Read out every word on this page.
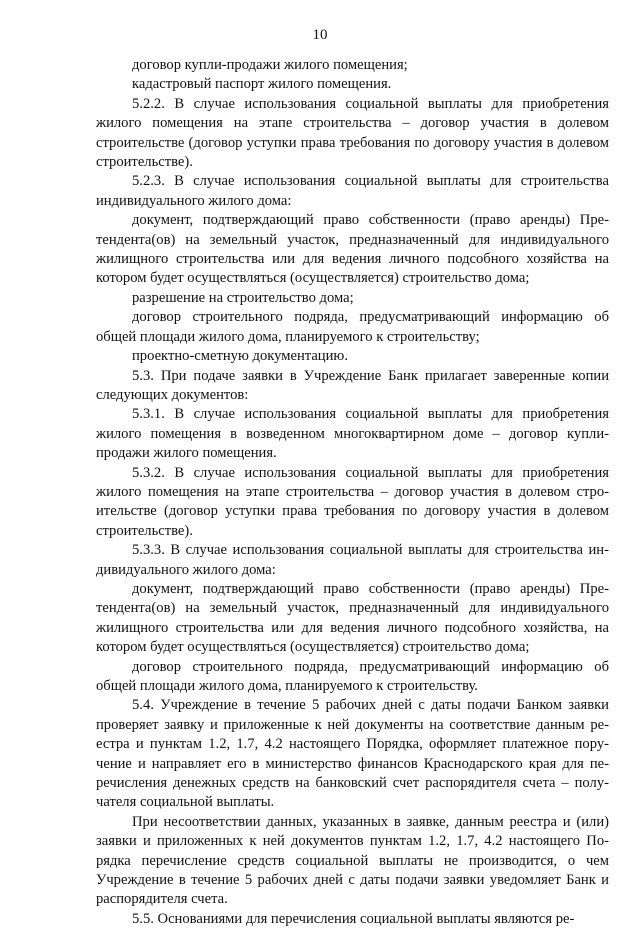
10

договор купли-продажи жилого помещения;

кадастровый паспорт жилого помещения.

5.2.2. В случае использования социальной выплаты для приобретения жилого помещения на этапе строительства – договор участия в долевом строительстве (договор уступки права требования по договору участия в долевом строительстве).

5.2.3. В случае использования социальной выплаты для строительства индивидуального жилого дома:

документ, подтверждающий право собственности (право аренды) Претендента(ов) на земельный участок, предназначенный для индивидуального жилищного строительства или для ведения личного подсобного хозяйства на котором будет осуществляться (осуществляется) строительство дома;

разрешение на строительство дома;

договор строительного подряда, предусматривающий информацию об общей площади жилого дома, планируемого к строительству;

проектно-сметную документацию.

5.3. При подаче заявки в Учреждение Банк прилагает заверенные копии следующих документов:

5.3.1. В случае использования социальной выплаты для приобретения жилого помещения в возведенном многоквартирном доме – договор купли-продажи жилого помещения.

5.3.2. В случае использования социальной выплаты для приобретения жилого помещения на этапе строительства – договор участия в долевом строительстве (договор уступки права требования по договору участия в долевом строительстве).

5.3.3. В случае использования социальной выплаты для строительства индивидуального жилого дома:

документ, подтверждающий право собственности (право аренды) Претендента(ов) на земельный участок, предназначенный для индивидуального жилищного строительства или для ведения личного подсобного хозяйства, на котором будет осуществляться (осуществляется) строительство дома;

договор строительного подряда, предусматривающий информацию об общей площади жилого дома, планируемого к строительству.

5.4. Учреждение в течение 5 рабочих дней с даты подачи Банком заявки проверяет заявку и приложенные к ней документы на соответствие данным реестра и пунктам 1.2, 1.7, 4.2 настоящего Порядка, оформляет платежное поручение и направляет его в министерство финансов Краснодарского края для перечисления денежных средств на банковский счет распорядителя счета – получателя социальной выплаты.

При несоответствии данных, указанных в заявке, данным реестра и (или) заявки и приложенных к ней документов пунктам 1.2, 1.7, 4.2 настоящего Порядка перечисление средств социальной выплаты не производится, о чем Учреждение в течение 5 рабочих дней с даты подачи заявки уведомляет Банк и распорядителя счета.

5.5. Основаниями для перечисления социальной выплаты являются ре-
